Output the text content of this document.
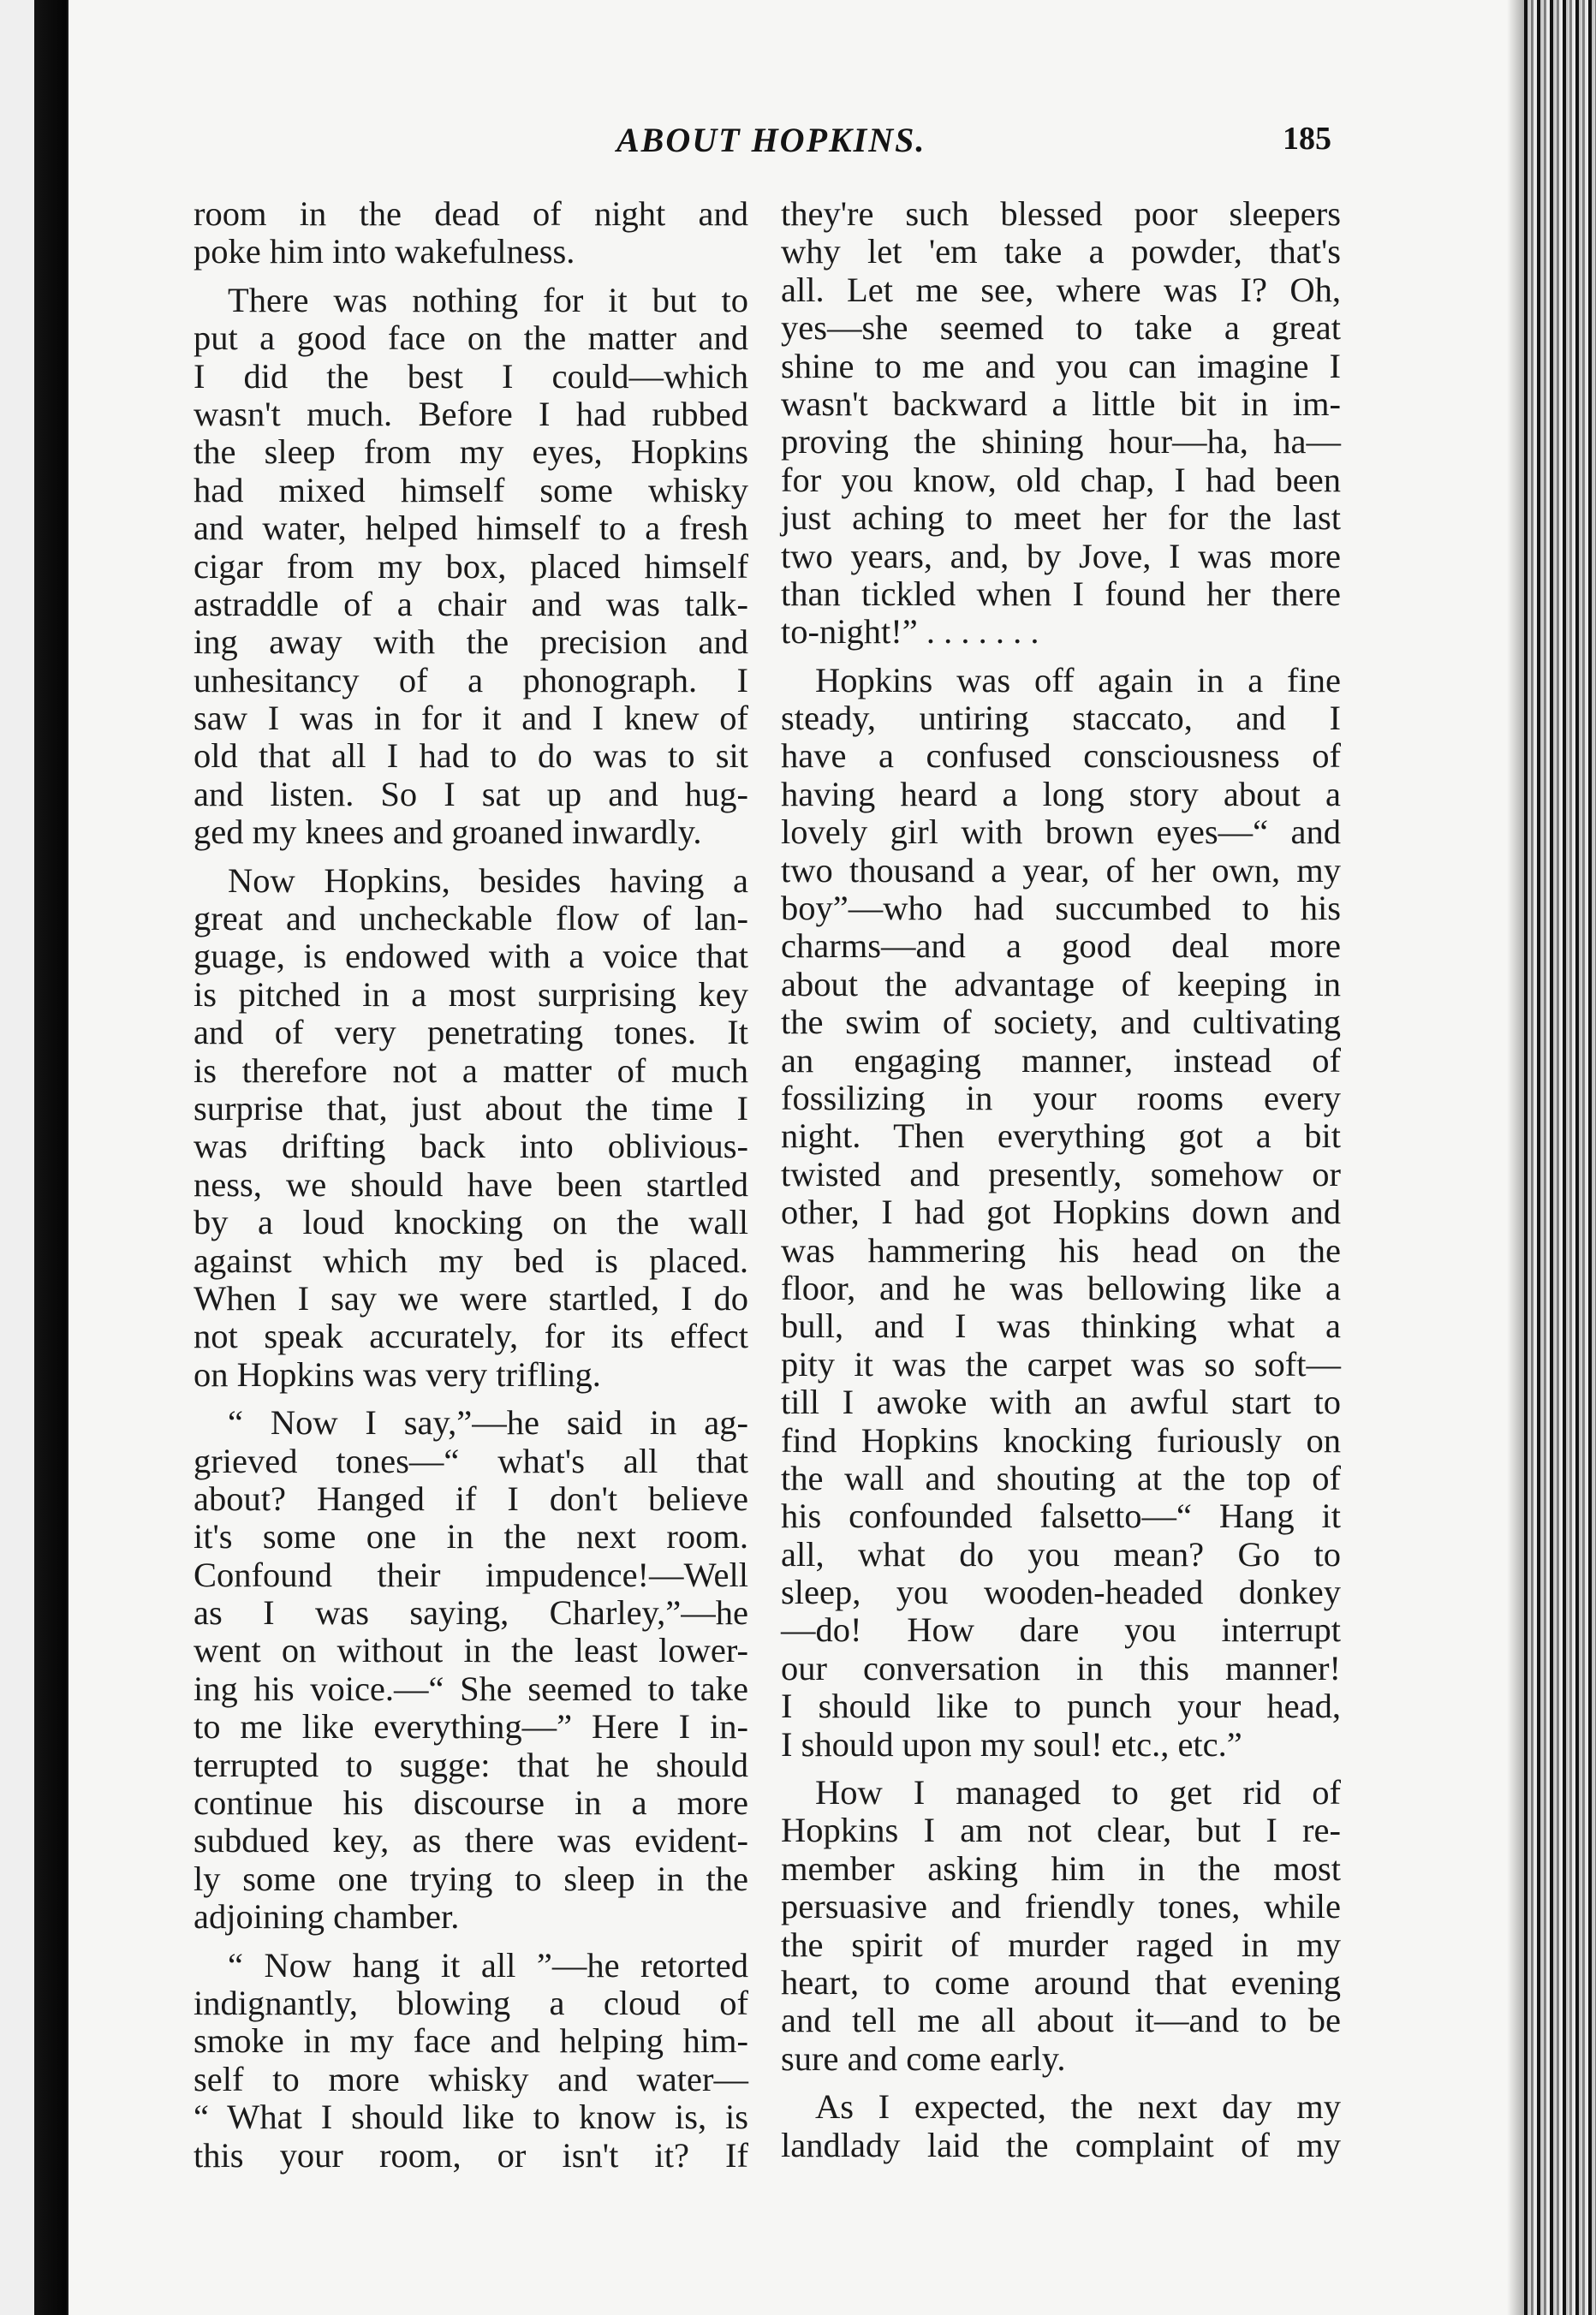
ABOUT HOPKINS.	185
room in the dead of night and
poke him into wakefulness.
There was nothing for it but to
put a good face on the matter and
I did the best I could—which
wasn't much. Before I had rubbed
the sleep from my eyes, Hopkins
had mixed himself some whisky
and water, helped himself to a fresh
cigar from my box, placed himself
astraddle of a chair and was talk-
ing away with the precision and
unhesitancy of a phonograph. I
saw I was in for it and I knew of
old that all I had to do was to sit
and listen. So I sat up and hug-
ged my knees and groaned inwardly.
Now Hopkins, besides having a
great and uncheckable flow of lan-
guage, is endowed with a voice that
is pitched in a most surprising key
and of very penetrating tones. It
is therefore not a matter of much
surprise that, just about the time I
was drifting back into oblivious-
ness, we should have been startled
by a loud knocking on the wall
against which my bed is placed.
When I say we were startled, I do
not speak accurately, for its effect
on Hopkins was very trifling.
“ Now I say,”—he said in ag-
grieved tones—“ what's all that
about? Hanged if I don't believe
it's some one in the next room.
Confound their impudence!—Well
as I was saying, Charley,”—he
went on without in the least lower-
ing his voice.—“ She seemed to take
to me like everything—” Here I in-
terrupted to sugge: that he should
continue his discourse in a more
subdued key, as there was evident-
ly some one trying to sleep in the
adjoining chamber.
“ Now hang it all ”—he retorted
indignantly, blowing a cloud of
smoke in my face and helping him-
self to more whisky and water—
“ What I should like to know is, is
this your room, or isn't it? If
they're such blessed poor sleepers
why let 'em take a powder, that's
all. Let me see, where was I? Oh,
yes—she seemed to take a great
shine to me and you can imagine I
wasn't backward a little bit in im-
proving the shining hour—ha, ha—
for you know, old chap, I had been
just aching to meet her for the last
two years, and, by Jove, I was more
than tickled when I found her there
to-night!” . . . . . . .
Hopkins was off again in a fine
steady, untiring staccato, and I
have a confused consciousness of
having heard a long story about a
lovely girl with brown eyes—“ and
two thousand a year, of her own, my
boy”—who had succumbed to his
charms—and a good deal more
about the advantage of keeping in
the swim of society, and cultivating
an engaging manner, instead of
fossilizing in your rooms every
night. Then everything got a bit
twisted and presently, somehow or
other, I had got Hopkins down and
was hammering his head on the
floor, and he was bellowing like a
bull, and I was thinking what a
pity it was the carpet was so soft—
till I awoke with an awful start to
find Hopkins knocking furiously on
the wall and shouting at the top of
his confounded falsetto—“ Hang it
all, what do you mean? Go to
sleep, you wooden-headed donkey
—do! How dare you interrupt
our conversation in this manner!
I should like to punch your head,
I should upon my soul! etc., etc.”
How I managed to get rid of
Hopkins I am not clear, but I re-
member asking him in the most
persuasive and friendly tones, while
the spirit of murder raged in my
heart, to come around that evening
and tell me all about it—and to be
sure and come early.
As I expected, the next day my
landlady laid the complaint of my
